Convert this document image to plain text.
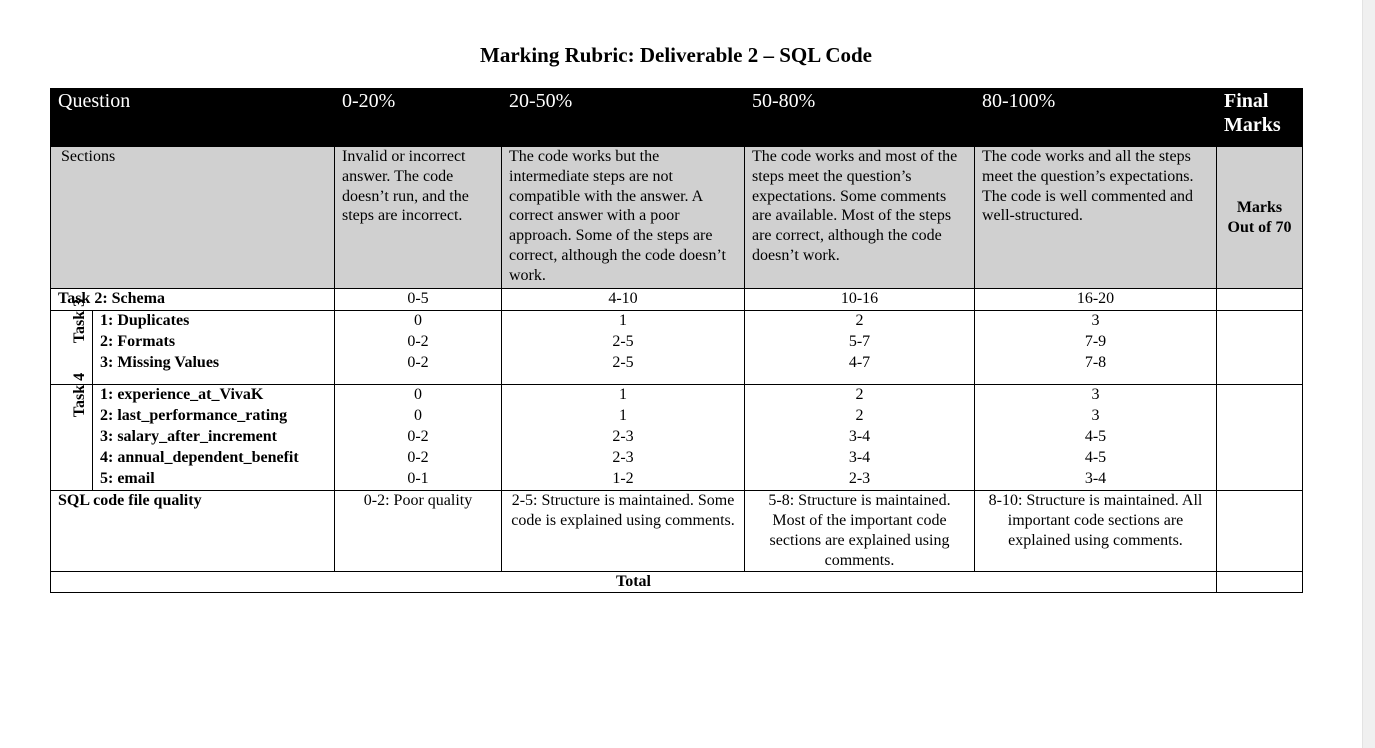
Marking Rubric: Deliverable 2 – SQL Code
Question		0-20%	20-50%	50-80%	80-100%	Final
Marks
Sections		Invalid or incorrect answer. The code doesn’t run, and the steps are incorrect.	The code works but the intermediate steps are not compatible with the answer. A correct answer with a poor approach. Some of the steps are correct, although the code doesn’t work.	The code works and most of the steps meet the question’s expectations. Some comments are available. Most of the steps are correct, although the code doesn’t work.	The code works and all the steps meet the question’s expectations. The code is well commented and well-structured.	Marks Out of 70
Task 2: Schema		0-5	4-10	10-16	16-20	
Task 3	1: Duplicates	0	1	2	3	
	2: Formats	0-2	2-5	5-7	7-9	
	3: Missing Values	0-2	2-5	4-7	7-8	
Task 4	1: experience_at_VivaK	0	1	2	3	
	2: last_performance_rating	0	1	2	3	
	3: salary_after_increment	0-2	2-3	3-4	4-5	
	4: annual_dependent_benefit	0-2	2-3	3-4	4-5	
	5: email	0-1	1-2	2-3	3-4	
SQL code file quality		0-2: Poor quality	2-5: Structure is maintained. Some code is explained using comments.	5-8: Structure is maintained. Most of the important code sections are explained using comments.	8-10: Structure is maintained. All important code sections are explained using comments.	
Total						
